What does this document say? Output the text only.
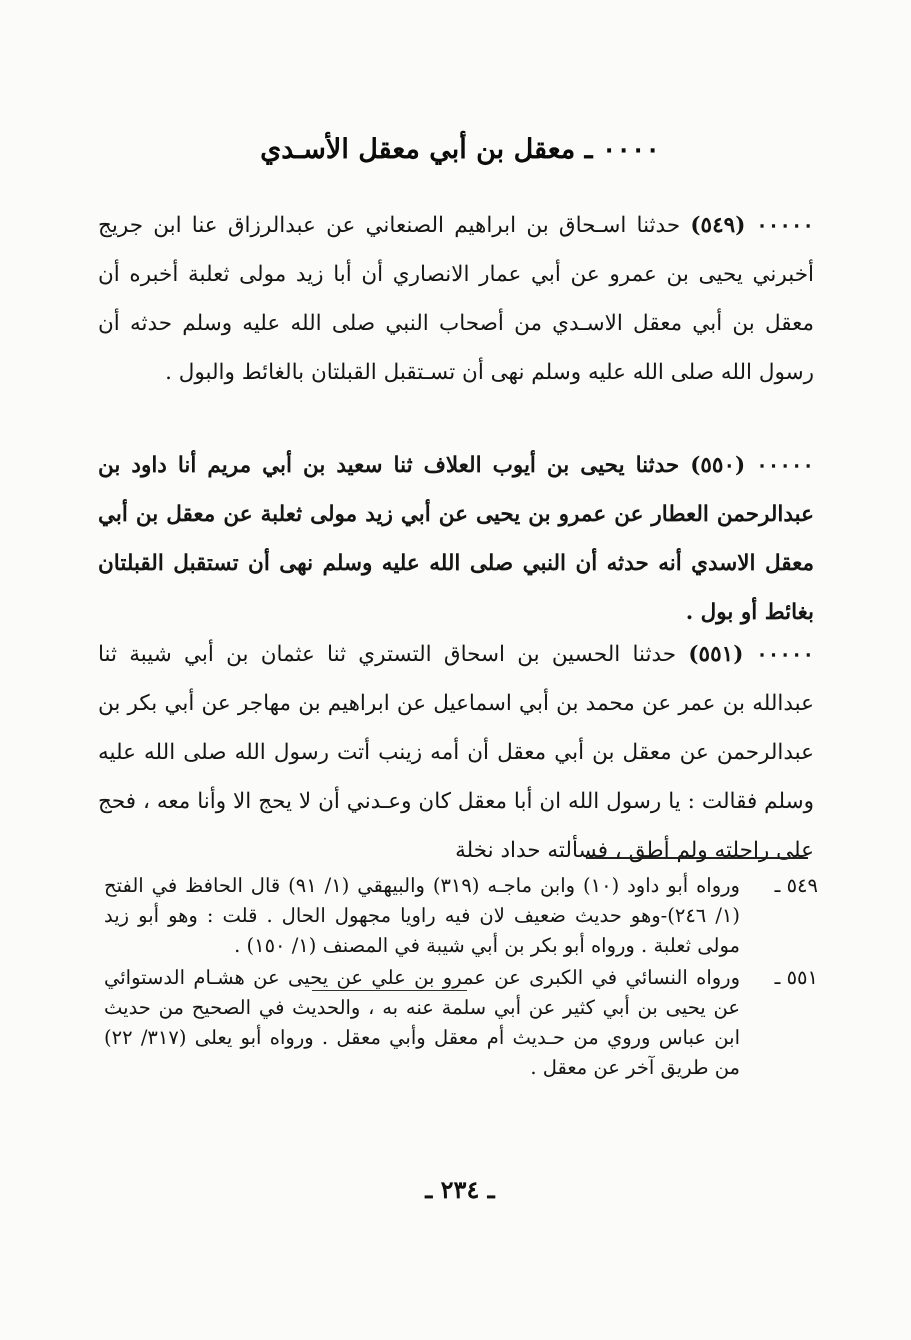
٠٠٠٠ ـ معقل بن أبي معقل الأسـدي
٠٠٠٠٠ (٥٤٩) حدثنا اسـحاق بن ابراهيم الصنعاني عن عبدالرزاق عنا ابن جريج أخبرني يحيى بن عمرو عن أبي عمار الانصاري أن أبا زيد مولى ثعلبة أخبره أن معقل بن أبي معقل الاسـدي من أصحاب النبي صلى الله عليه وسلم حدثه أن رسول الله صلى الله عليه وسلم نهى أن تسـتقبل القبلتان بالغائط والبول .
٠٠٠٠٠ (٥٥٠) حدثنا يحيى بن أيوب العلاف ثنا سعيد بن أبي مريم أنا داود بن عبدالرحمن العطار عن عمرو بن يحيى عن أبي زيد مولى ثعلبة عن معقل بن أبي معقل الاسدي أنه حدثه أن النبي صلى الله عليه وسلم نهى أن تستقبل القبلتان بغائط أو بول .
٠٠٠٠٠ (٥٥١) حدثنا الحسين بن اسحاق التستري ثنا عثمان بن أبي شيبة ثنا عبدالله بن عمر عن محمد بن أبي اسماعيل عن ابراهيم بن مهاجر عن أبي بكر بن عبدالرحمن عن معقل بن أبي معقل أن أمه زينب أتت رسول الله صلى الله عليه وسلم فقالت : يا رسول الله ان أبا معقل كان وعـدني أن لا يحج الا وأنا معه ، فحج على راحلته ولم أطق ، فسألته حداد نخلة
٥٤٩ ـ
ورواه أبو داود (١٠) وابن ماجـه (٣١٩) والبيهقي (١/ ٩١) قال الحافظ في الفتح (١/ ٢٤٦)-وهو حديث ضعيف لان فيه راويا مجهول الحال . قلت : وهو أبو زيد مولى ثعلبة . ورواه أبو بكر بن أبي شيبة في المصنف (١/ ١٥٠) .
٥٥١ ـ
ورواه النسائي في الكبرى عن عمرو بن علي عن يحيى عن هشـام الدستوائي عن يحيى بن أبي كثير عن أبي سلمة عنه به ، والحديث في الصحيح من حديث ابن عباس وروي من حـديث أم معقل وأبي معقل . ورواه أبو يعلى (٣١٧/ ٢٢) من طريق آخر عن معقل .
ـ ٢٣٤ ـ
